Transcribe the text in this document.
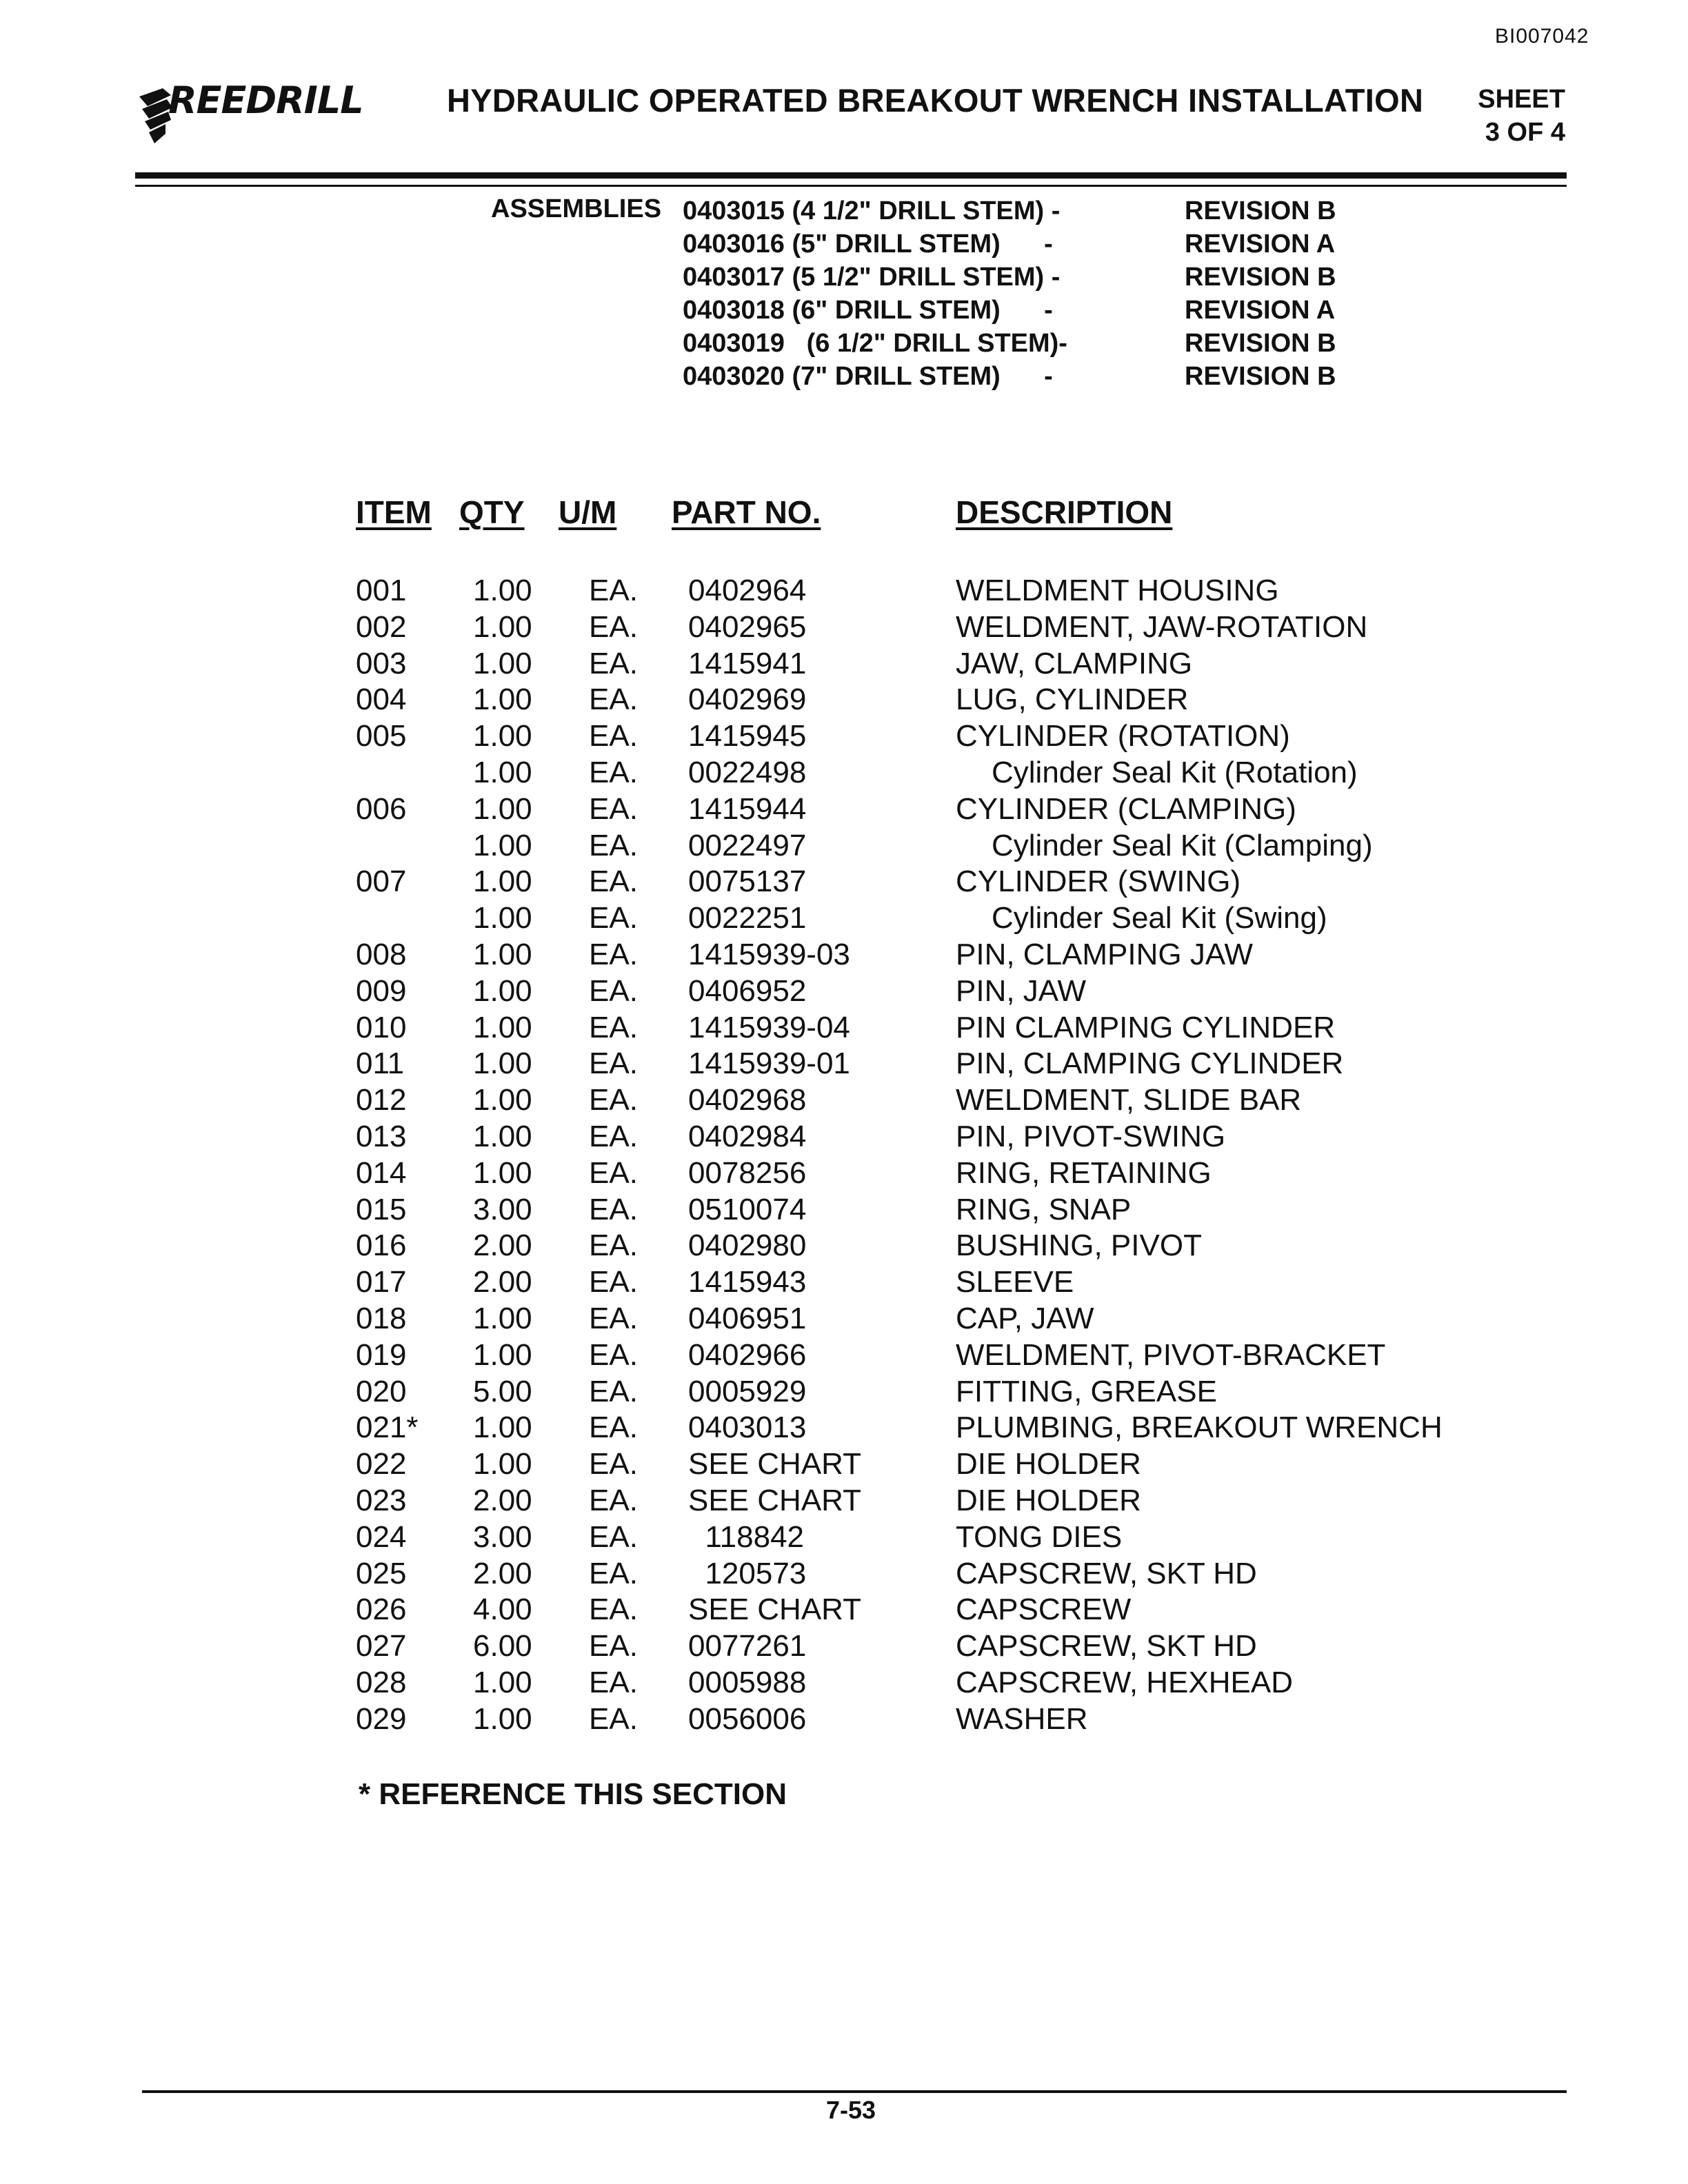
BI007042
REEDRILL	HYDRAULIC OPERATED BREAKOUT WRENCH INSTALLATION	SHEET
3 OF 4
ASSEMBLIES 0403015 (4 1/2" DRILL STEM) -	REVISION B
0403016 (5" DRILL STEM)      -	REVISION A
0403017 (5 1/2" DRILL STEM) -	REVISION B
0403018 (6" DRILL STEM)      -	REVISION A
0403019   (6 1/2" DRILL STEM)-	REVISION B
0403020 (7" DRILL STEM)      -	REVISION B
ITEM QTY U/M PART NO.	DESCRIPTION
001 1.00 EA. 0402964	WELDMENT HOUSING
002 1.00 EA. 0402965	WELDMENT, JAW-ROTATION
003 1.00 EA. 1415941	JAW, CLAMPING
004 1.00 EA. 0402969	LUG, CYLINDER
005 1.00 EA. 1415945	CYLINDER (ROTATION)
1.00 EA. 0022498	Cylinder Seal Kit (Rotation)
006 1.00 EA. 1415944	CYLINDER (CLAMPING)
1.00 EA. 0022497	Cylinder Seal Kit (Clamping)
007 1.00 EA. 0075137	CYLINDER (SWING)
1.00 EA. 0022251	Cylinder Seal Kit (Swing)
008 1.00 EA. 1415939-03	PIN, CLAMPING JAW
009 1.00 EA. 0406952	PIN, JAW
010 1.00 EA. 1415939-04	PIN CLAMPING CYLINDER
011 1.00 EA. 1415939-01	PIN, CLAMPING CYLINDER
012 1.00 EA. 0402968	WELDMENT, SLIDE BAR
013 1.00 EA. 0402984	PIN, PIVOT-SWING
014 1.00 EA. 0078256	RING, RETAINING
015 3.00 EA. 0510074	RING, SNAP
016 2.00 EA. 0402980	BUSHING, PIVOT
017 2.00 EA. 1415943	SLEEVE
018 1.00 EA. 0406951	CAP, JAW
019 1.00 EA. 0402966	WELDMENT, PIVOT-BRACKET
020 5.00 EA. 0005929	FITTING, GREASE
021* 1.00 EA. 0403013	PLUMBING, BREAKOUT WRENCH
022 1.00 EA. SEE CHART	DIE HOLDER
023 2.00 EA. SEE CHART	DIE HOLDER
024 3.00 EA. 118842	TONG DIES
025 2.00 EA. 120573	CAPSCREW, SKT HD
026 4.00 EA. SEE CHART	CAPSCREW
027 6.00 EA. 0077261	CAPSCREW, SKT HD
028 1.00 EA. 0005988	CAPSCREW, HEXHEAD
029 1.00 EA. 0056006	WASHER
* REFERENCE THIS SECTION
7-53
